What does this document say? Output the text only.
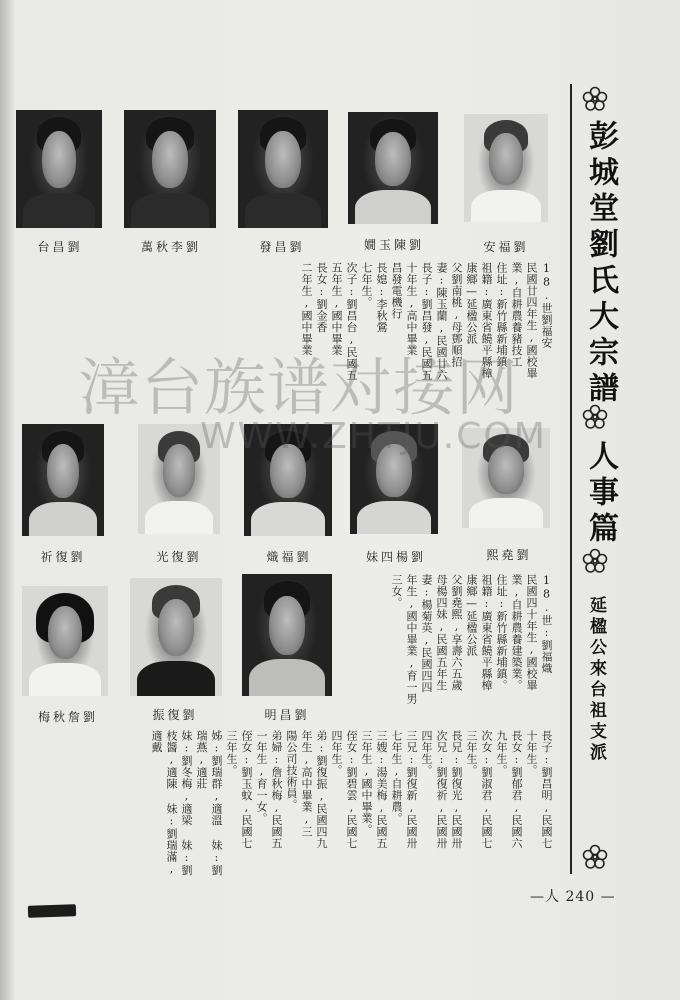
台昌劉	萬秋李劉	發昌劉	嫺玉陳劉	安福劉
18.世劉福安
民國廿四年生,國校畢
業,自耕農養豬技工
住址:新竹縣新埔鎮
祖籍:廣東省饒平縣樟
康鄉—延楹公派
父劉南桃,母鄧順招
妻:陳玉蘭,民國廿六
長子:劉昌發,民國五
十年生,高中畢業
昌發電機行
長媳:李秋鶯
七年生。
次子:劉昌台,民國五
五年生,國中畢業
長女:劉金香
二年生,國中畢業
祈復劉	光復劉	熾福劉	妹四楊劉	熙堯劉
18.世:劉福熾
民國四十年生,國校畢
業,自耕農養建築業。
住址:新竹縣新埔鎮。
祖籍:廣東省饒平縣樟
康鄉—延楹公派
父劉堯熙,享壽六五歲
母楊四妹,民國五年生
妻:楊菊英,民國四四
年生,國中畢業,育一男三女。
梅秋詹劉	振復劉	明昌劉
長子:劉昌明,民國七
十年生。
長女:劉郁君,民國六
九年生。
次女:劉淑君,民國七
三年生。
長兄:劉復光,民國卅
次兄:劉復祈,民國卅
四年生。
三兄:劉復新,民國卅
七年生,自耕農。
三嫂:湯美梅,民國五
三年生,國中畢業。
侄女:劉碧雲,民國七
四年生。
弟:劉復振,民國四九
年生,高中畢業,三
陽公司技術員。
弟婦:詹秋梅,民國五
一年生,育一女。
侄女:劉玉蚊,民國七
三年生。
姊:劉瑞群,適溫 妹:劉瑞燕,適莊
妹:劉冬梅,適梁 妹:劉枝醬,適陳 妹:劉瑞滿,適戴
彭城堂劉氏大宗譜
人事篇
延楹公來台祖支派
—人 240 —
漳台族谱对接网
WWW.ZHTJU.COM
